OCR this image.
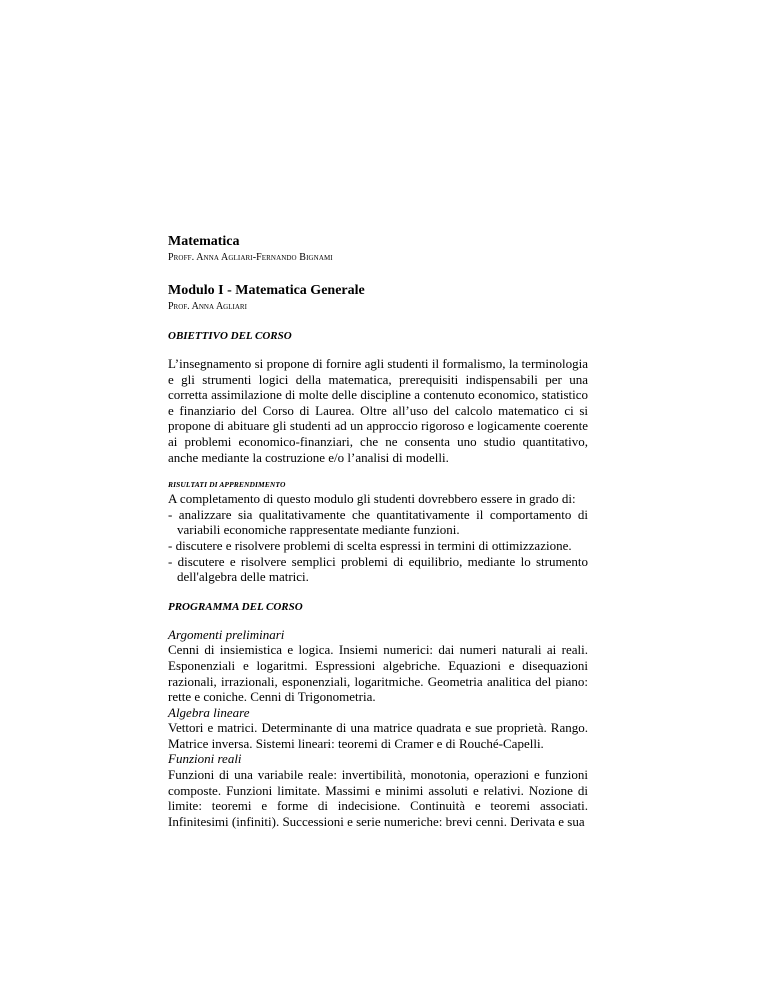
Matematica

Proff. Anna Agliari-Fernando Bignami

Modulo I - Matematica Generale

Prof. Anna Agliari

OBIETTIVO DEL CORSO

L’insegnamento si propone di fornire agli studenti il formalismo, la terminologia e gli strumenti logici della matematica, prerequisiti indispensabili per una corretta assimilazione di molte delle discipline a contenuto economico, statistico e finanziario del Corso di Laurea. Oltre all’uso del calcolo matematico ci si propone di abituare gli studenti ad un approccio rigoroso e logicamente coerente ai problemi economico-finanziari, che ne consenta uno studio quantitativo, anche mediante la costruzione e/o l’analisi di modelli.

RISULTATI DI APPRENDIMENTO

A completamento di questo modulo gli studenti dovrebbero essere in grado di:

- analizzare sia qualitativamente che quantitativamente il comportamento di variabili economiche rappresentate mediante funzioni.
- discutere e risolvere problemi di scelta espressi in termini di ottimizzazione.
- discutere e risolvere semplici problemi di equilibrio, mediante lo strumento dell'algebra delle matrici.

PROGRAMMA DEL CORSO

Argomenti preliminari

Cenni di insiemistica e logica. Insiemi numerici: dai numeri naturali ai reali. Esponenziali e logaritmi. Espressioni algebriche. Equazioni e disequazioni razionali, irrazionali, esponenziali, logaritmiche. Geometria analitica del piano: rette e coniche. Cenni di Trigonometria.

Algebra lineare

Vettori e matrici. Determinante di una matrice quadrata e sue proprietà. Rango. Matrice inversa. Sistemi lineari: teoremi di Cramer e di Rouché-Capelli.

Funzioni reali

Funzioni di una variabile reale: invertibilità, monotonia, operazioni e funzioni composte. Funzioni limitate. Massimi e minimi assoluti e relativi. Nozione di limite: teoremi e forme di indecisione. Continuità e teoremi associati. Infinitesimi (infiniti). Successioni e serie numeriche: brevi cenni. Derivata e sua
